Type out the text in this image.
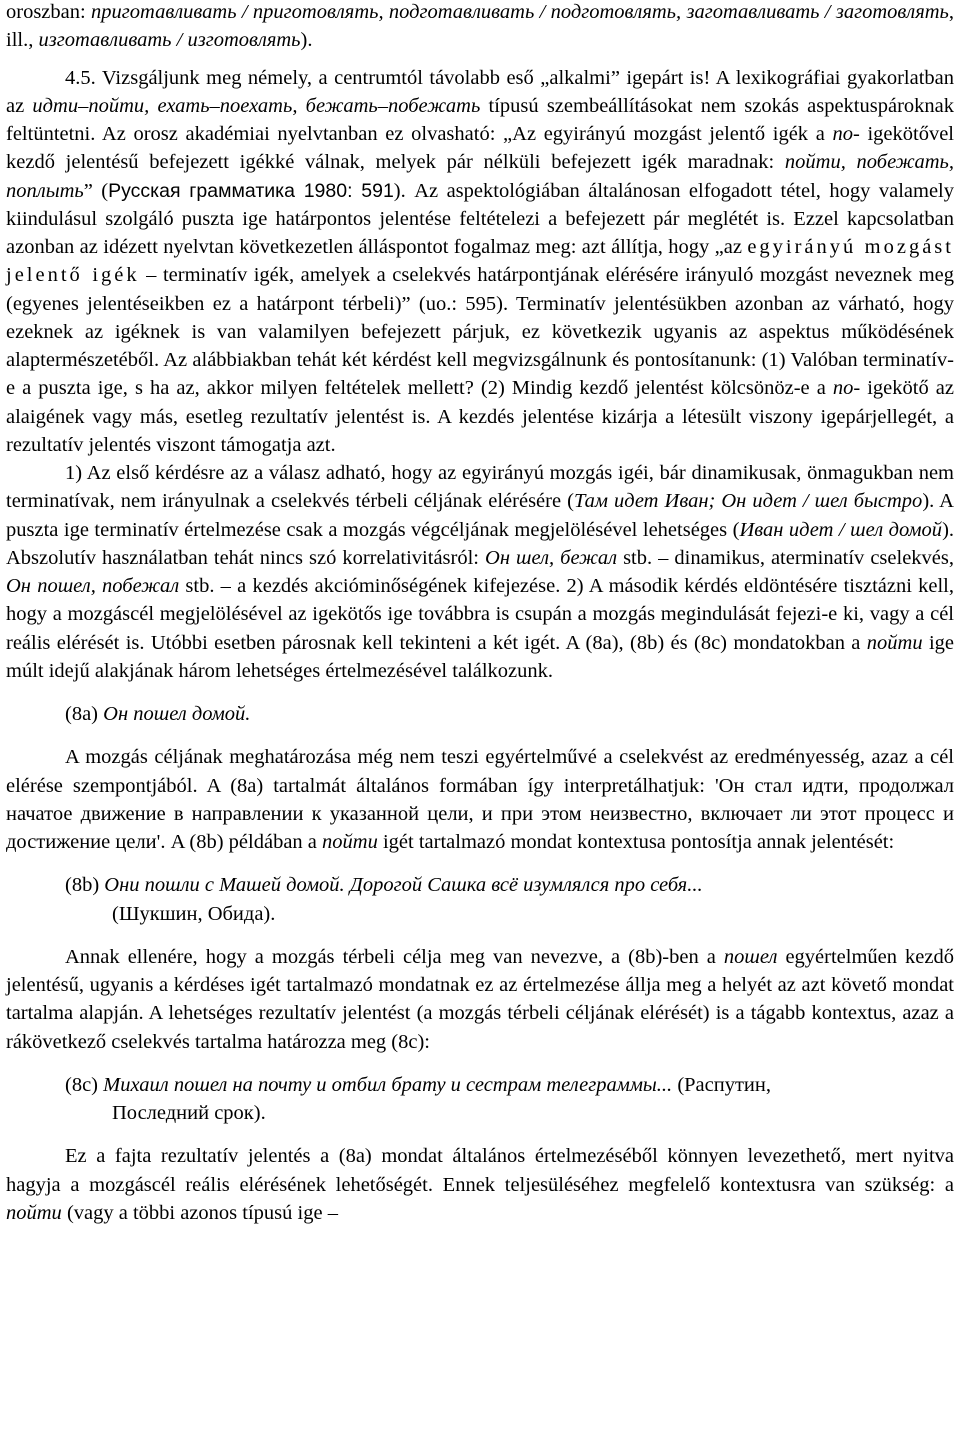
oroszban: приготавливать / приготовлять, подготавливать / подготовлять, заготавливать / заготовлять, ill., изготавливать / изготовлять).

4.5. Vizsgáljunk meg némely, a centrumtól távolabb eső „alkalmi” igepárt is! A lexikográfiai gyakorlatban az идти–пойти, ехать–поехать, бежать–побежать típusú szembeállításokat nem szokás aspektuspároknak feltüntetni. Az orosz akadémiai nyelvtanban ez olvasható: „Az egyirányú mozgást jelentő igék a по- igekötővel kezdő jelentésű befejezett igékké válnak, melyek pár nélküli befejezett igék maradnak: пойти, побежать, поплыть” (Русская грамматика 1980: 591). Az aspektológiában általánosan elfogadott tétel, hogy valamely kiindulásul szolgáló puszta ige határpontos jelentése feltételezi a befejezett pár meglétét is. Ezzel kapcsolatban azonban az idézett nyelvtan következetlen álláspontot fogalmaz meg: azt állítja, hogy „az egyirányú mozgást jelentő igék – terminatív igék, amelyek a cselekvés határpontjának elérésére irányuló mozgást neveznek meg (egyenes jelentéseikben ez a határpont térbeli)” (uo.: 595). Terminatív jelentésükben azonban az várható, hogy ezeknek az igéknek is van valamilyen befejezett párjuk, ez következik ugyanis az aspektus működésének alaptermészetéből. Az alábbiakban tehát két kérdést kell megvizsgálnunk és pontosítanunk: (1) Valóban terminatív-e a puszta ige, s ha az, akkor milyen feltételek mellett? (2) Mindig kezdő jelentést kölcsönöz-e a по- igekötő az alaigének vagy más, esetleg rezultatív jelentést is. A kezdés jelentése kizárja a létesült viszony igepárjellegét, a rezultatív jelentés viszont támogatja azt.

1) Az első kérdésre az a válasz adható, hogy az egyirányú mozgás igéi, bár dinamikusak, önmagukban nem terminatívak, nem irányulnak a cselekvés térbeli céljának elérésére (Там идет Иван; Он идет / шел быстро). A puszta ige terminatív értelmezése csak a mozgás végcéljának megjelölésével lehetséges (Иван идет / шел домой). Abszolutív használatban tehát nincs szó korrelativitásról: Он шел, бежал stb. – dinamikus, aterminatív cselekvés, Он пошел, побежал stb. – a kezdés akcióminőségének kifejezése. 2) A második kérdés eldöntésére tisztázni kell, hogy a mozgáscél megjelölésével az igekötős ige továbbra is csupán a mozgás megindulását fejezi-e ki, vagy a cél reális elérését is. Utóbbi esetben párosnak kell tekinteni a két igét. A (8a), (8b) és (8c) mondatokban a пойти ige múlt idejű alakjának három lehetséges értelmezésével találkozunk.

(8a) Он пошел домой.

A mozgás céljának meghatározása még nem teszi egyértelművé a cselekvést az eredményesség, azaz a cél elérése szempontjából. A (8a) tartalmát általános formában így interpretálhatjuk: 'Он стал идти, продолжал начатое движение в направлении к указанной цели, и при этом неизвестно, включает ли этот процесс и достижение цели'. A (8b) példában a пойти igét tartalmazó mondat kontextusa pontosítja annak jelentését:

(8b) Они пошли с Машей домой. Дорогой Сашка всё изумлялся про себя...
(Шукшин, Обида).

Annak ellenére, hogy a mozgás térbeli célja meg van nevezve, a (8b)-ben a пошел egyértelműen kezdő jelentésű, ugyanis a kérdéses igét tartalmazó mondatnak ez az értelmezése állja meg a helyét az azt követő mondat tartalma alapján. A lehetséges rezultatív jelentést (a mozgás térbeli céljának elérését) is a tágabb kontextus, azaz a rákövetkező cselekvés tartalma határozza meg (8c):

(8c) Михаил пошел на почту и отбил брату и сестрам телеграммы... (Распутин,
Последний срок).

Ez a fajta rezultatív jelentés a (8a) mondat általános értelmezéséből könnyen levezethető, mert nyitva hagyja a mozgáscél reális elérésének lehetőségét. Ennek teljesüléséhez megfelelő kontextusra van szükség: a пойти (vagy a többi azonos típusú ige –
